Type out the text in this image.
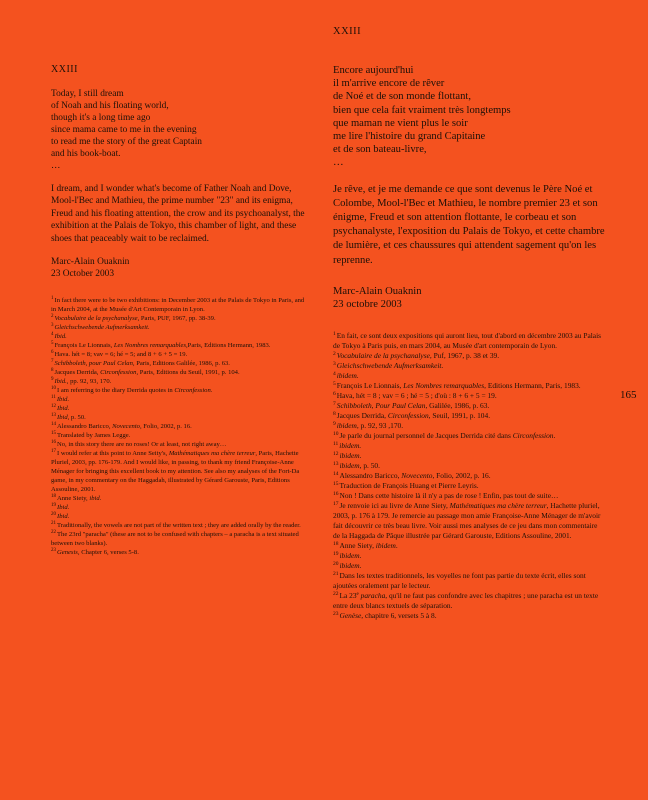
XXIII
XXIII
Today, I still dream
of Noah and his floating world,
though it's a long time ago
since mama came to me in the evening
to read me the story of the great Captain
and his book-boat.
…
I dream, and I wonder what's become of Father Noah and Dove, Mool-l'Bec and Mathieu, the prime number "23" and its enigma, Freud and his floating attention, the crow and its psychoanalyst, the exhibition at the Palais de Tokyo, this chamber of light, and these shoes that peaceably wait to be reclaimed.
Marc-Alain Ouaknin
23 October 2003
$^1$In fact there were to be two exhibitions: in December 2003 at the Palais de Tokyo in Paris, and in March 2004, at the Musée d'Art Contemporain in Lyon.
$^2$Vocabulaire de la psychanalyse, Paris, PUF, 1967, pp. 38-39.
$^3$Gleichschwebende Aufmerksamkeit.
$^4$Ibid.
$^5$François Le Lionnais, Les Nombres remarquables,Paris, Editions Hermann, 1983.
$^6$Hava. hét = 8; vav = 6; hé = 5; and 8 + 6 + 5 = 19.
$^7$Schibboleth, pour Paul Celan, Paris, Editions Galilée, 1986, p. 63.
$^8$Jacques Derrida, Circonfession, Paris, Editions du Seuil, 1991, p. 104.
$^9$Ibid., pp. 92, 93, 170.
$^{10}$I am referring to the diary Derrida quotes in Circonfession.
$^{11}$Ibid.
$^{12}$Ibid.
$^{13}$Ibid, p. 50.
$^{14}$Alessandro Baricco, Novecento, Folio, 2002, p. 16.
$^{15}$Translated by James Legge.
$^{16}$No, in this story there are no roses! Or at least, not right away…
$^{17}$I would refer at this point to Anne Seity's, Mathématiques ma chère terreur, Paris, Hachette Pluriel, 2003, pp. 176-179. And I would like, in passing, to thank my friend Françoise-Anne Ménager for bringing this excellent book to my attention. See also my analyses of the Fort-Da game, in my commentary on the Haggadah, illustrated by Gérard Garouste, Paris, Editions Assouline, 2001.
$^{18}$Anne Siety, ibid.
$^{19}$Ibid.
$^{20}$Ibid.
$^{21}$Traditionally, the vowels are not part of the written text ; they are added orally by the reader.
$^{22}$The 23rd "paracha" (these are not to be confused with chapters – a paracha is a text situated between two blanks).
$^{23}$Genesis, Chapter 6, verses 5-8.
Encore aujourd'hui
il m'arrive encore de rêver
de Noé et de son monde flottant,
bien que cela fait vraiment très longtemps
que maman ne vient plus le soir
me lire l'histoire du grand Capitaine
et de son bateau-livre,
…
Je rêve, et je me demande ce que sont devenus le Père Noé et Colombe, Mool-l'Bec et Mathieu, le nombre premier 23 et son énigme, Freud et son attention flottante, le corbeau et son psychanalyste, l'exposition du Palais de Tokyo, et cette chambre de lumière, et ces chaussures qui attendent sagement qu'on les reprenne.
Marc-Alain Ouaknin
23 octobre 2003
$^1$En fait, ce sont deux expositions qui auront lieu, tout d'abord en décembre 2003 au Palais de Tokyo à Paris puis, en mars 2004, au Musée d'art contemporain de Lyon.
$^2$Vocabulaire de la psychanalyse, Puf, 1967, p. 38 et 39.
$^3$Gleichschwebende Aufmerksamkeit.
$^4$ibidem.
$^5$François Le Lionnais, Les Nombres remarquables, Editions Hermann, Paris, 1983.
$^6$Hava, hét = 8 ; vav = 6 ; hé = 5 ; d'où : 8 + 6 + 5 = 19.
$^7$Schibboleth, Pour Paul Celan, Galilée, 1986, p. 63.
$^8$Jacques Derrida, Circonfession, Seuil, 1991, p. 104.
$^9$ibidem, p. 92, 93 ,170.
$^{10}$Je parle du journal personnel de Jacques Derrida cité dans Circonfession.
$^{11}$ibidem.
$^{12}$ibidem.
$^{13}$ibidem, p. 50.
$^{14}$Alessandro Baricco, Novecento, Folio, 2002, p. 16.
$^{15}$Traduction de François Huang et Pierre Leyris.
$^{16}$Non ! Dans cette histoire là il n'y a pas de rose ! Enfin, pas tout de suite…
$^{17}$Je renvoie ici au livre de Anne Siety, Mathématiques ma chère terreur, Hachette pluriel, 2003, p. 176 à 179. Je remercie au passage mon amie Françoise-Anne Ménager de m'avoir fait découvrir ce très beau livre. Voir aussi mes analyses de ce jeu dans mon commentaire de la Haggada de Pâque illustrée par Gérard Garouste, Editions Assouline, 2001.
$^{18}$Anne Siety, ibidem.
$^{19}$ibidem.
$^{20}$ibidem.
$^{21}$Dans les textes traditionnels, les voyelles ne font pas partie du texte écrit, elles sont ajoutées oralement par le lecteur.
$^{22}$La 23e paracha, qu'il ne faut pas confondre avec les chapitres ; une paracha est un texte entre deux blancs textuels de séparation.
$^{23}$Genèse, chapitre 6, versets 5 à 8.
165
